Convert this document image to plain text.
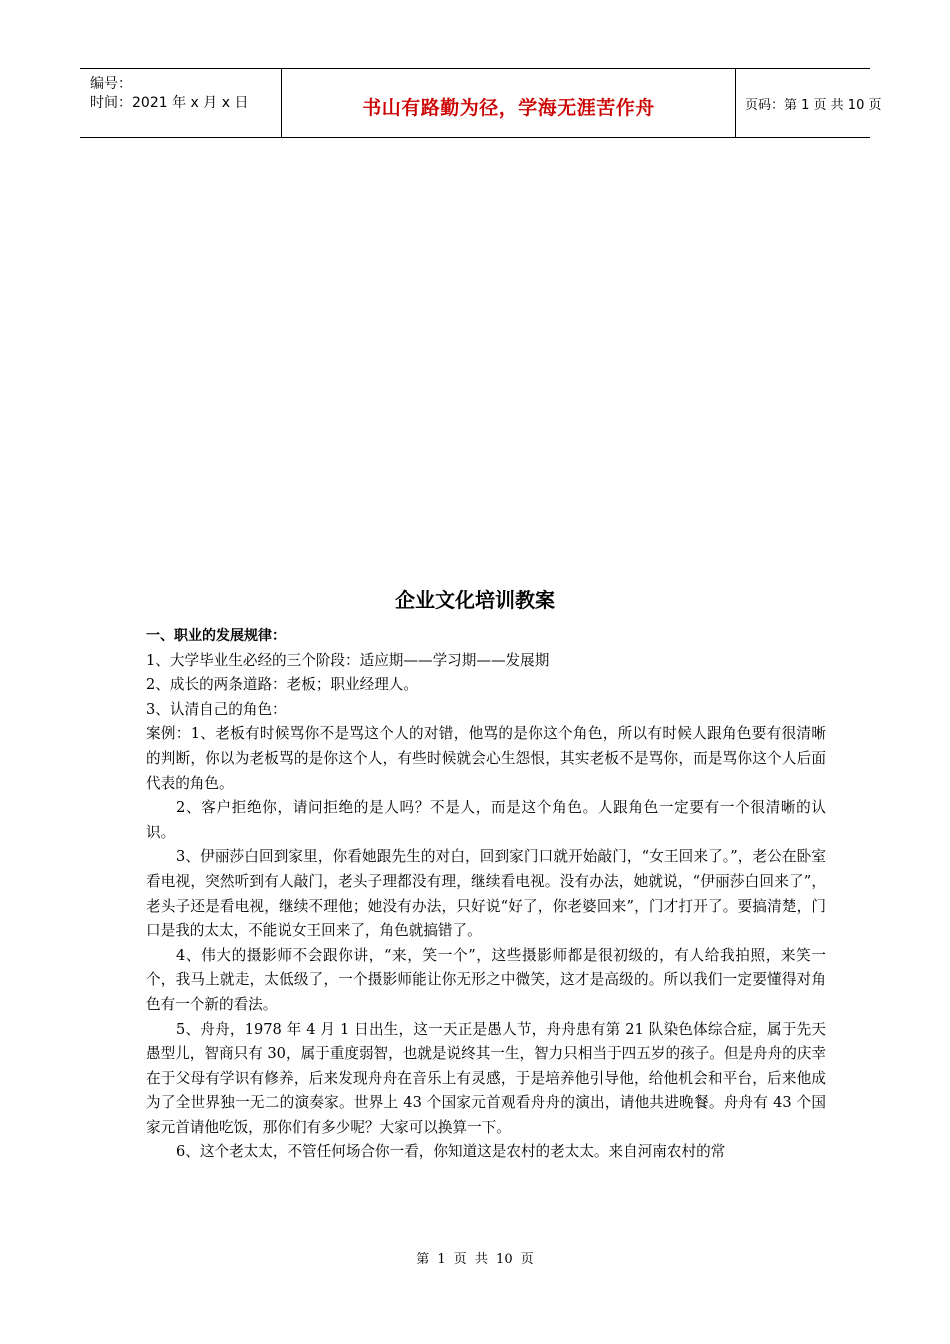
编号：
时间：2021 年 x 月 x 日	书山有路勤为径，学海无涯苦作舟	页码：第 1 页 共 10 页
企业文化培训教案

一、职业的发展规律：

1、大学毕业生必经的三个阶段：适应期——学习期——发展期

2、成长的两条道路：老板；职业经理人。

3、认清自己的角色：

案例：1、老板有时候骂你不是骂这个人的对错，他骂的是你这个角色，所以有时候人跟角色要有很清晰的判断，你以为老板骂的是你这个人，有些时候就会心生怨恨，其实老板不是骂你，而是骂你这个人后面代表的角色。

2、客户拒绝你，请问拒绝的是人吗？不是人，而是这个角色。人跟角色一定要有一个很清晰的认识。

3、伊丽莎白回到家里，你看她跟先生的对白，回到家门口就开始敲门，“女王回来了。”，老公在卧室看电视，突然听到有人敲门，老头子理都没有理，继续看电视。没有办法，她就说，“伊丽莎白回来了”，老头子还是看电视，继续不理他；她没有办法，只好说“好了，你老婆回来”，门才打开了。要搞清楚，门口是我的太太，不能说女王回来了，角色就搞错了。

4、伟大的摄影师不会跟你讲，“来，笑一个”，这些摄影师都是很初级的，有人给我拍照，来笑一个，我马上就走，太低级了，一个摄影师能让你无形之中微笑，这才是高级的。所以我们一定要懂得对角色有一个新的看法。

5、舟舟，1978 年 4 月 1 日出生，这一天正是愚人节，舟舟患有第 21 队染色体综合症，属于先天愚型儿，智商只有 30，属于重度弱智，也就是说终其一生，智力只相当于四五岁的孩子。但是舟舟的庆幸在于父母有学识有修养，后来发现舟舟在音乐上有灵感，于是培养他引导他，给他机会和平台，后来他成为了全世界独一无二的演奏家。世界上 43 个国家元首观看舟舟的演出，请他共进晚餐。舟舟有 43 个国家元首请他吃饭，那你们有多少呢？大家可以换算一下。

6、这个老太太，不管任何场合你一看，你知道这是农村的老太太。来自河南农村的常

第 1 页 共 10 页
